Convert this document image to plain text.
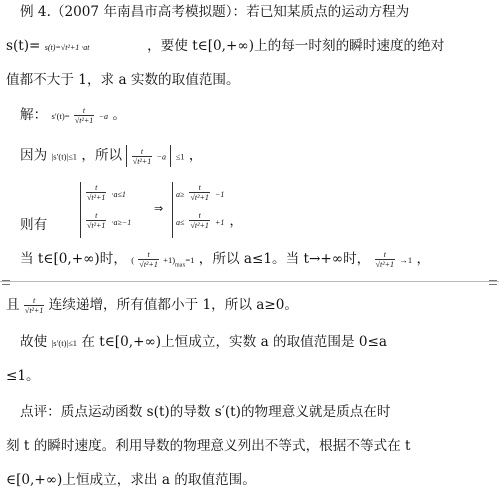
例 4.（2007 年南昌市高考模拟题）：若已知某质点的运动方程为
s(t)= s(t)=√t²+1 ·at	，要使 t∈[0,+∞)上的每一时刻的瞬时速度的绝对
值都不大于 1，求 a 实数的取值范围。
解： $s'(t)= \frac{t}{\text{√t²+1}} -a$ 。
因为 |s′(t)|≤1 ，所以 $\frac{t}{\text{√t²+1}} -a \le 1$ ，
则有
$\frac{t}{\text{√t²+1}} \cdot a\le 1$
$\frac{t}{\text{√t²+1}} \cdot a\ge-1$
⇒
$a\ge \frac{t}{\text{√t²+1}} -1$
$a\le \frac{t}{\text{√t²+1}} +1$ ，
当 t∈[0,+∞)时， ( $\frac{t}{\text{√t²+1}} +1)_{max}=1$ ，所以 a≤1。当 t→+∞时， $\frac{t}{\text{√t²+1}} \to 1$ ，
且 $\frac{t}{\text{√t²+1}}$ 连续递增，所有值都小于 1，所以 a≥0。
故使 |s′(t)|≤1 在 t∈[0,+∞)上恒成立，实数 a 的取值范围是 0≤a
≤1。
点评：质点运动函数 s(t)的导数 s′(t)的物理意义就是质点在时
刻 t 的瞬时速度。利用导数的物理意义列出不等式，根据不等式在 t
∈[0,+∞)上恒成立，求出 a 的取值范围。
